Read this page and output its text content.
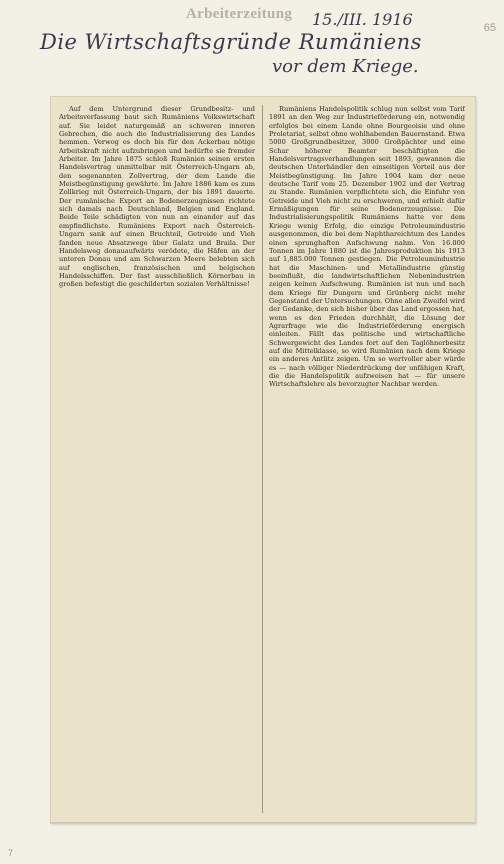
Arbeiterzeitung 15./III. 1916
Die Wirtschaftsgründe Rumäniens
vor dem Kriege.
65

Auf dem Untergrund dieser Grundbesitz- und Arbeitsverfassung baut sich Rumäniens Volkswirtschaft auf. Sie leidet naturgemäß an schweren inneren Gebrechen, die auch die Industrialisierung des Landes hemmen. Verwog es doch bis für den Ackerbau nötige Arbeitskraft nicht aufzubringen und bedürfte sie fremder Arbeiter. Im Jahre 1875 schloß Rumänien seinen ersten Handelsvertrag unmittelbar mit Österreich-Ungarn ab, den sogenannten Zollvertrag, der dem Lande die Meistbegünstigung gewährte. Im Jahre 1886 kam es zum Zollkrieg mit Österreich-Ungarn, der bis 1891 dauerte. Der rumänische Export an Bodenerzeugnissen richtete sich damals nach Deutschland, Belgien und England. Beide Teile schädigten von nun an einander auf das empfindlichste. Rumäniens Export nach Österreich-Ungarn sank auf einen Bruchteil, Getreide und Vieh fanden neue Absatzwege über Galatz und Braila. Der Handelsweg donauaufwärts verödete, die Häfen an der unteren Donau und am Schwarzen Meere belebten sich auf englischen, französischen und belgischen Handelsschiffen. Der fast ausschließlich Körnerbau in großen befestigt die geschilderten sozialen Verhältnisse!

Rumäniens Handelspolitik schlug nun selbst vom Tarif 1891 an den Weg zur Industrieförderung ein, notwendig erfolglos bei einem Lande ohne Bourgeoisie und ohne Proletariat, selbst ohne wohlhabenden Bauernstand. Etwa 5000 Großgrundbesitzer, 3000 Großpächter und eine Schar höherer Beamter beschäftigten die Handelsvertragsverhandlungen seit 1893, gewannen die deutschen Unterhändler den einseitigen Vorteil aus der Meistbegünstigung. Im Jahre 1904 kam der neue deutsche Tarif vom 25. Dezember 1902 und der Vertrag zu Stande. Rumänien verpflichtete sich, die Einfuhr von Getreide und Vieh nicht zu erschweren, und erhielt dafür Ermäßigungen für seine Bodenerzeugnisse. Die Industrialisierungspolitik Rumäniens hatte vor dem Kriege wenig Erfolg, die einzige Petroleumindustrie ausgenommen, die bei dem Naphthareichtum des Landes einen sprunghaften Aufschwung nahm. Von 16.000 Tonnen im Jahre 1880 ist die Jahresproduktion bis 1913 auf 1,885.000 Tonnen gestiegen. Die Petroleumindustrie hat die Maschinen- und Metallindustrie günstig beeinflußt, die landwirtschaftlichen Nebenindustrien zeigen keinen Aufschwung. Rumänien ist nun und nach dem Kriege für Dungern und Grünberg nicht mehr Gegenstand der Untersuchungen. Ohne allen Zweifel wird der Gedanke, den sich bisher über das Land ergossen hat, wenn es den Frieden durchhält, die Lösung der Agrarfrage wie die Industrieförderung energisch einleiten. Fällt das politische und wirtschaftliche Schwergewicht des Landes fort auf den Taglöhnerbesitz auf die Mittelklasse, so wird Rumänien nach dem Kriege ein anderes Antlitz zeigen. Um so wertvoller aber würde es — nach völliger Niederdrückung der unfähigen Kraft, die die Handelspolitik aufzweisen hat — für unsere Wirtschaftslehre als bevorzugter Nachbar werden.

7
